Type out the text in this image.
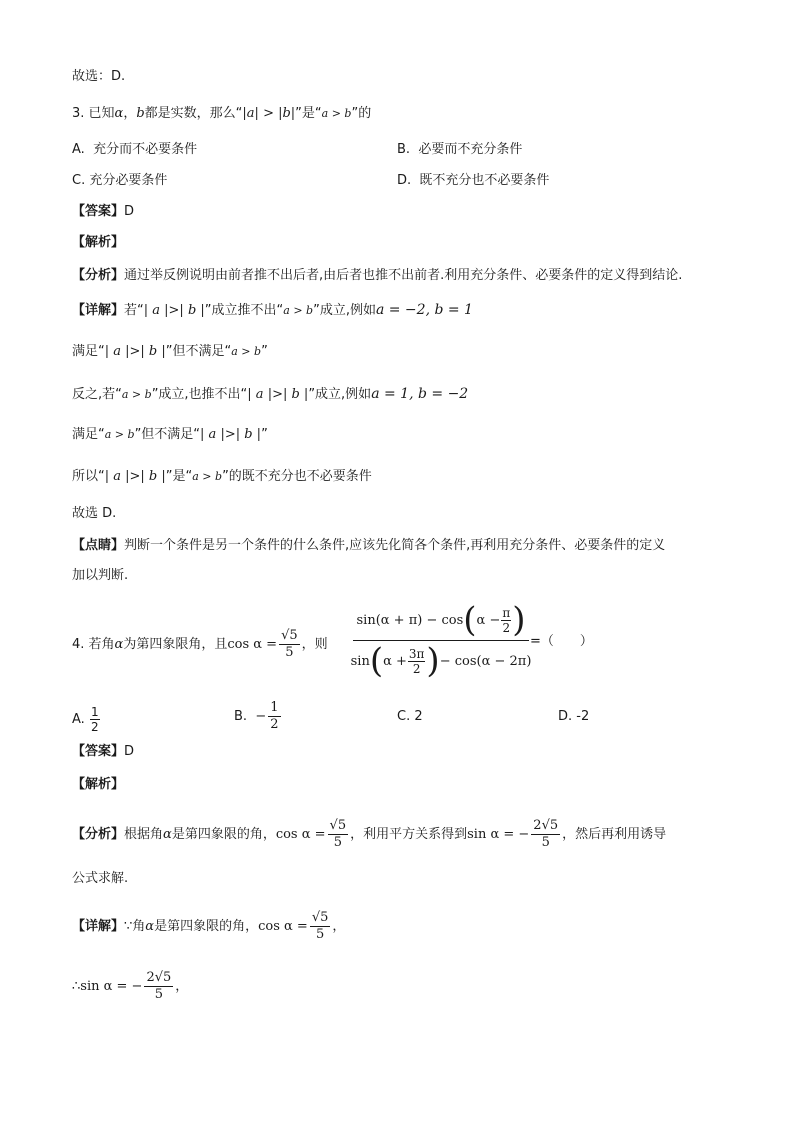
故选：D.
3. 已知α，b都是实数，那么“|a| > |b|”是“a > b”的
A. 充分而不必要条件	B. 必要而不充分条件
C. 充分必要条件	D. 既不充分也不必要条件
【答案】D
【解析】
【分析】通过举反例说明由前者推不出后者,由后者也推不出前者.利用充分条件、必要条件的定义得到结论.
【详解】若“| a |>| b |”成立推不出“a > b”成立,例如a = −2, b = 1
满足“| a |>| b |”但不满足“a > b”
反之,若“a > b”成立,也推不出“| a |>| b |”成立,例如a = 1, b = −2
满足“a > b”但不满足“| a |>| b |”
所以“| a |>| b |”是“a > b”的既不充分也不必要条件
故选 D.
【点睛】判断一个条件是另一个条件的什么条件,应该先化简各个条件,再利用充分条件、必要条件的定义
加以判断.
4. 若角α为第四象限角，且$\cos \alpha = \frac{√5}{5}$ ，则
sin(α + π) − cos ( $\alpha - \frac{\pi}{2}$ )
sin ( $\alpha + \frac{3\pi}{2}$ ) − cos(α − 2π)
=（　　）
A. $\frac{1}{2}$	B. − $\frac{1}{2}$	C. 2	D. -2
【答案】D
【解析】
【分析】根据角α是第四象限的角，$\cos \alpha = \frac{√5}{5}$ ，利用平方关系得到sin α = − $\frac{2√5}{5}$ ，然后再利用诱导
公式求解.
【详解】∵角α是第四象限的角，$\cos \alpha = \frac{√5}{5}$ ，
∴sin α = − $\frac{2√5}{5}$ ，
